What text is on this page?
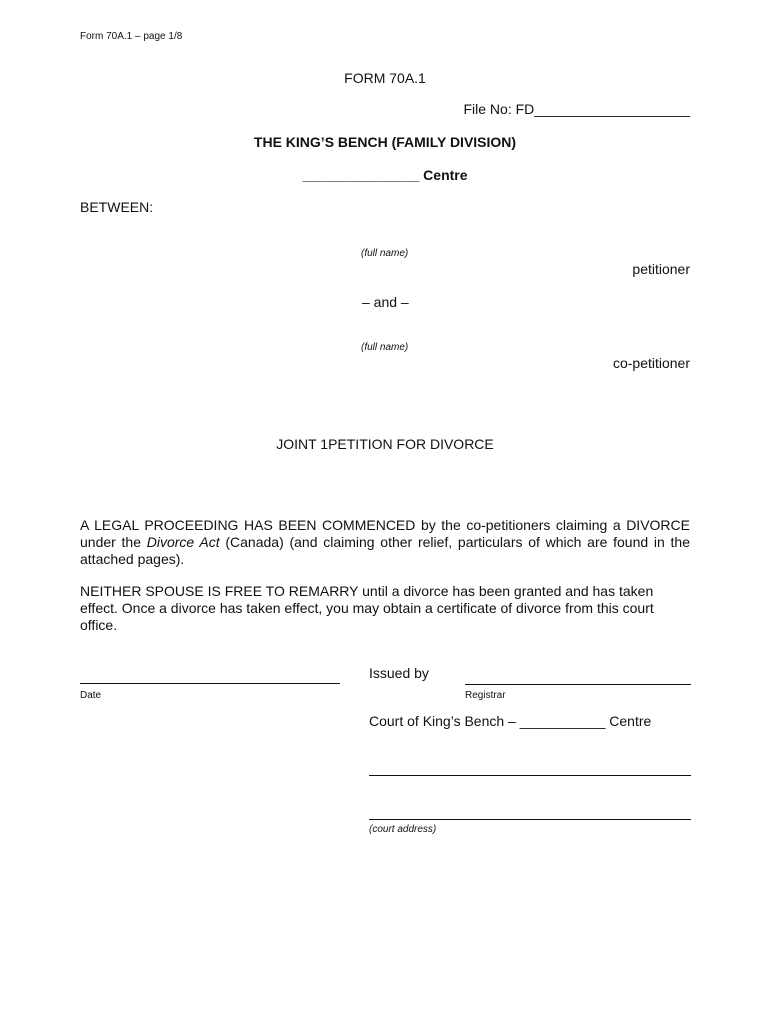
Form 70A.1 – page 1/8
FORM 70A.1
File No: FD____________________
THE KING’S BENCH (FAMILY DIVISION)
_______________ Centre
BETWEEN:
(full name)
petitioner
– and –
(full name)
co-petitioner
JOINT 1PETITION FOR DIVORCE
A LEGAL PROCEEDING HAS BEEN COMMENCED by the co-petitioners claiming a DIVORCE under the Divorce Act (Canada) (and claiming other relief, particulars of which are found in the attached pages).
NEITHER SPOUSE IS FREE TO REMARRY until a divorce has been granted and has taken effect. Once a divorce has taken effect, you may obtain a certificate of divorce from this court office.
Date
Issued by
Registrar
Court of King’s Bench – ___________ Centre
(court address)
